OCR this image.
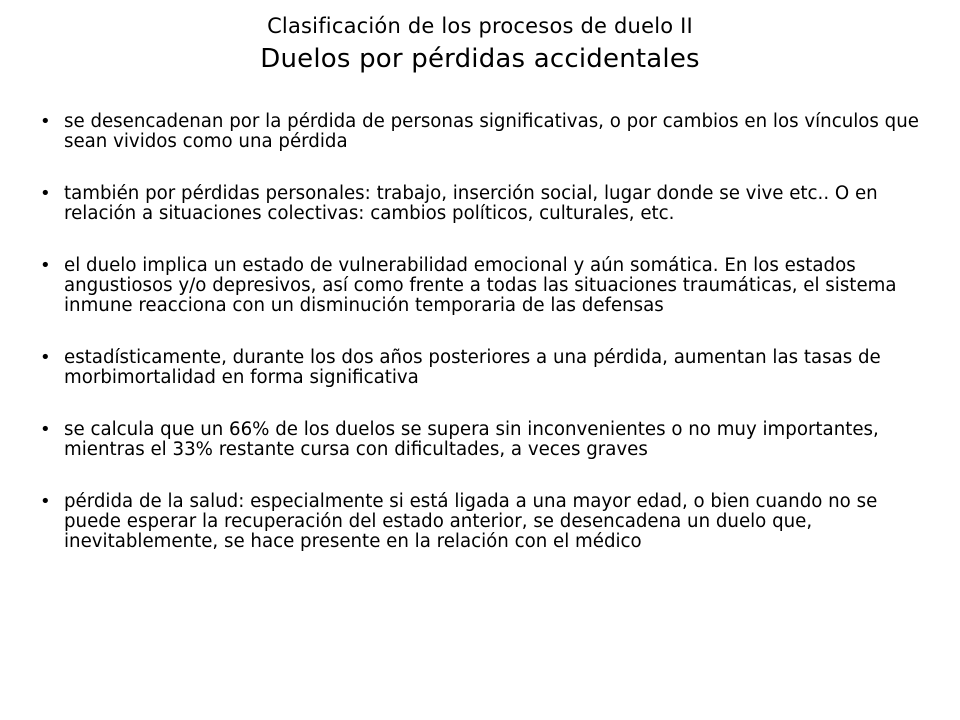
Clasificación de los procesos de duelo II
Duelos por pérdidas accidentales
• se desencadenan por la pérdida de personas significativas, o por cambios en los vínculos que sean vividos como una pérdida
• también por pérdidas personales: trabajo, inserción social, lugar donde se vive etc.. O en relación a situaciones colectivas: cambios políticos, culturales, etc.
• el duelo implica un estado de vulnerabilidad emocional y aún somática. En los estados angustiosos y/o depresivos, así como frente a todas las situaciones traumáticas, el sistema inmune reacciona con un disminución temporaria de las defensas
• estadísticamente, durante los dos años posteriores a una pérdida, aumentan las tasas de morbimortalidad en forma significativa
• se calcula que un 66% de los duelos se supera sin inconvenientes o no muy importantes, mientras el 33% restante cursa con dificultades, a veces graves
• pérdida de la salud: especialmente si está ligada a una mayor edad, o bien cuando no se puede esperar la recuperación del estado anterior, se desencadena un duelo que, inevitablemente, se hace presente en la relación con el médico
